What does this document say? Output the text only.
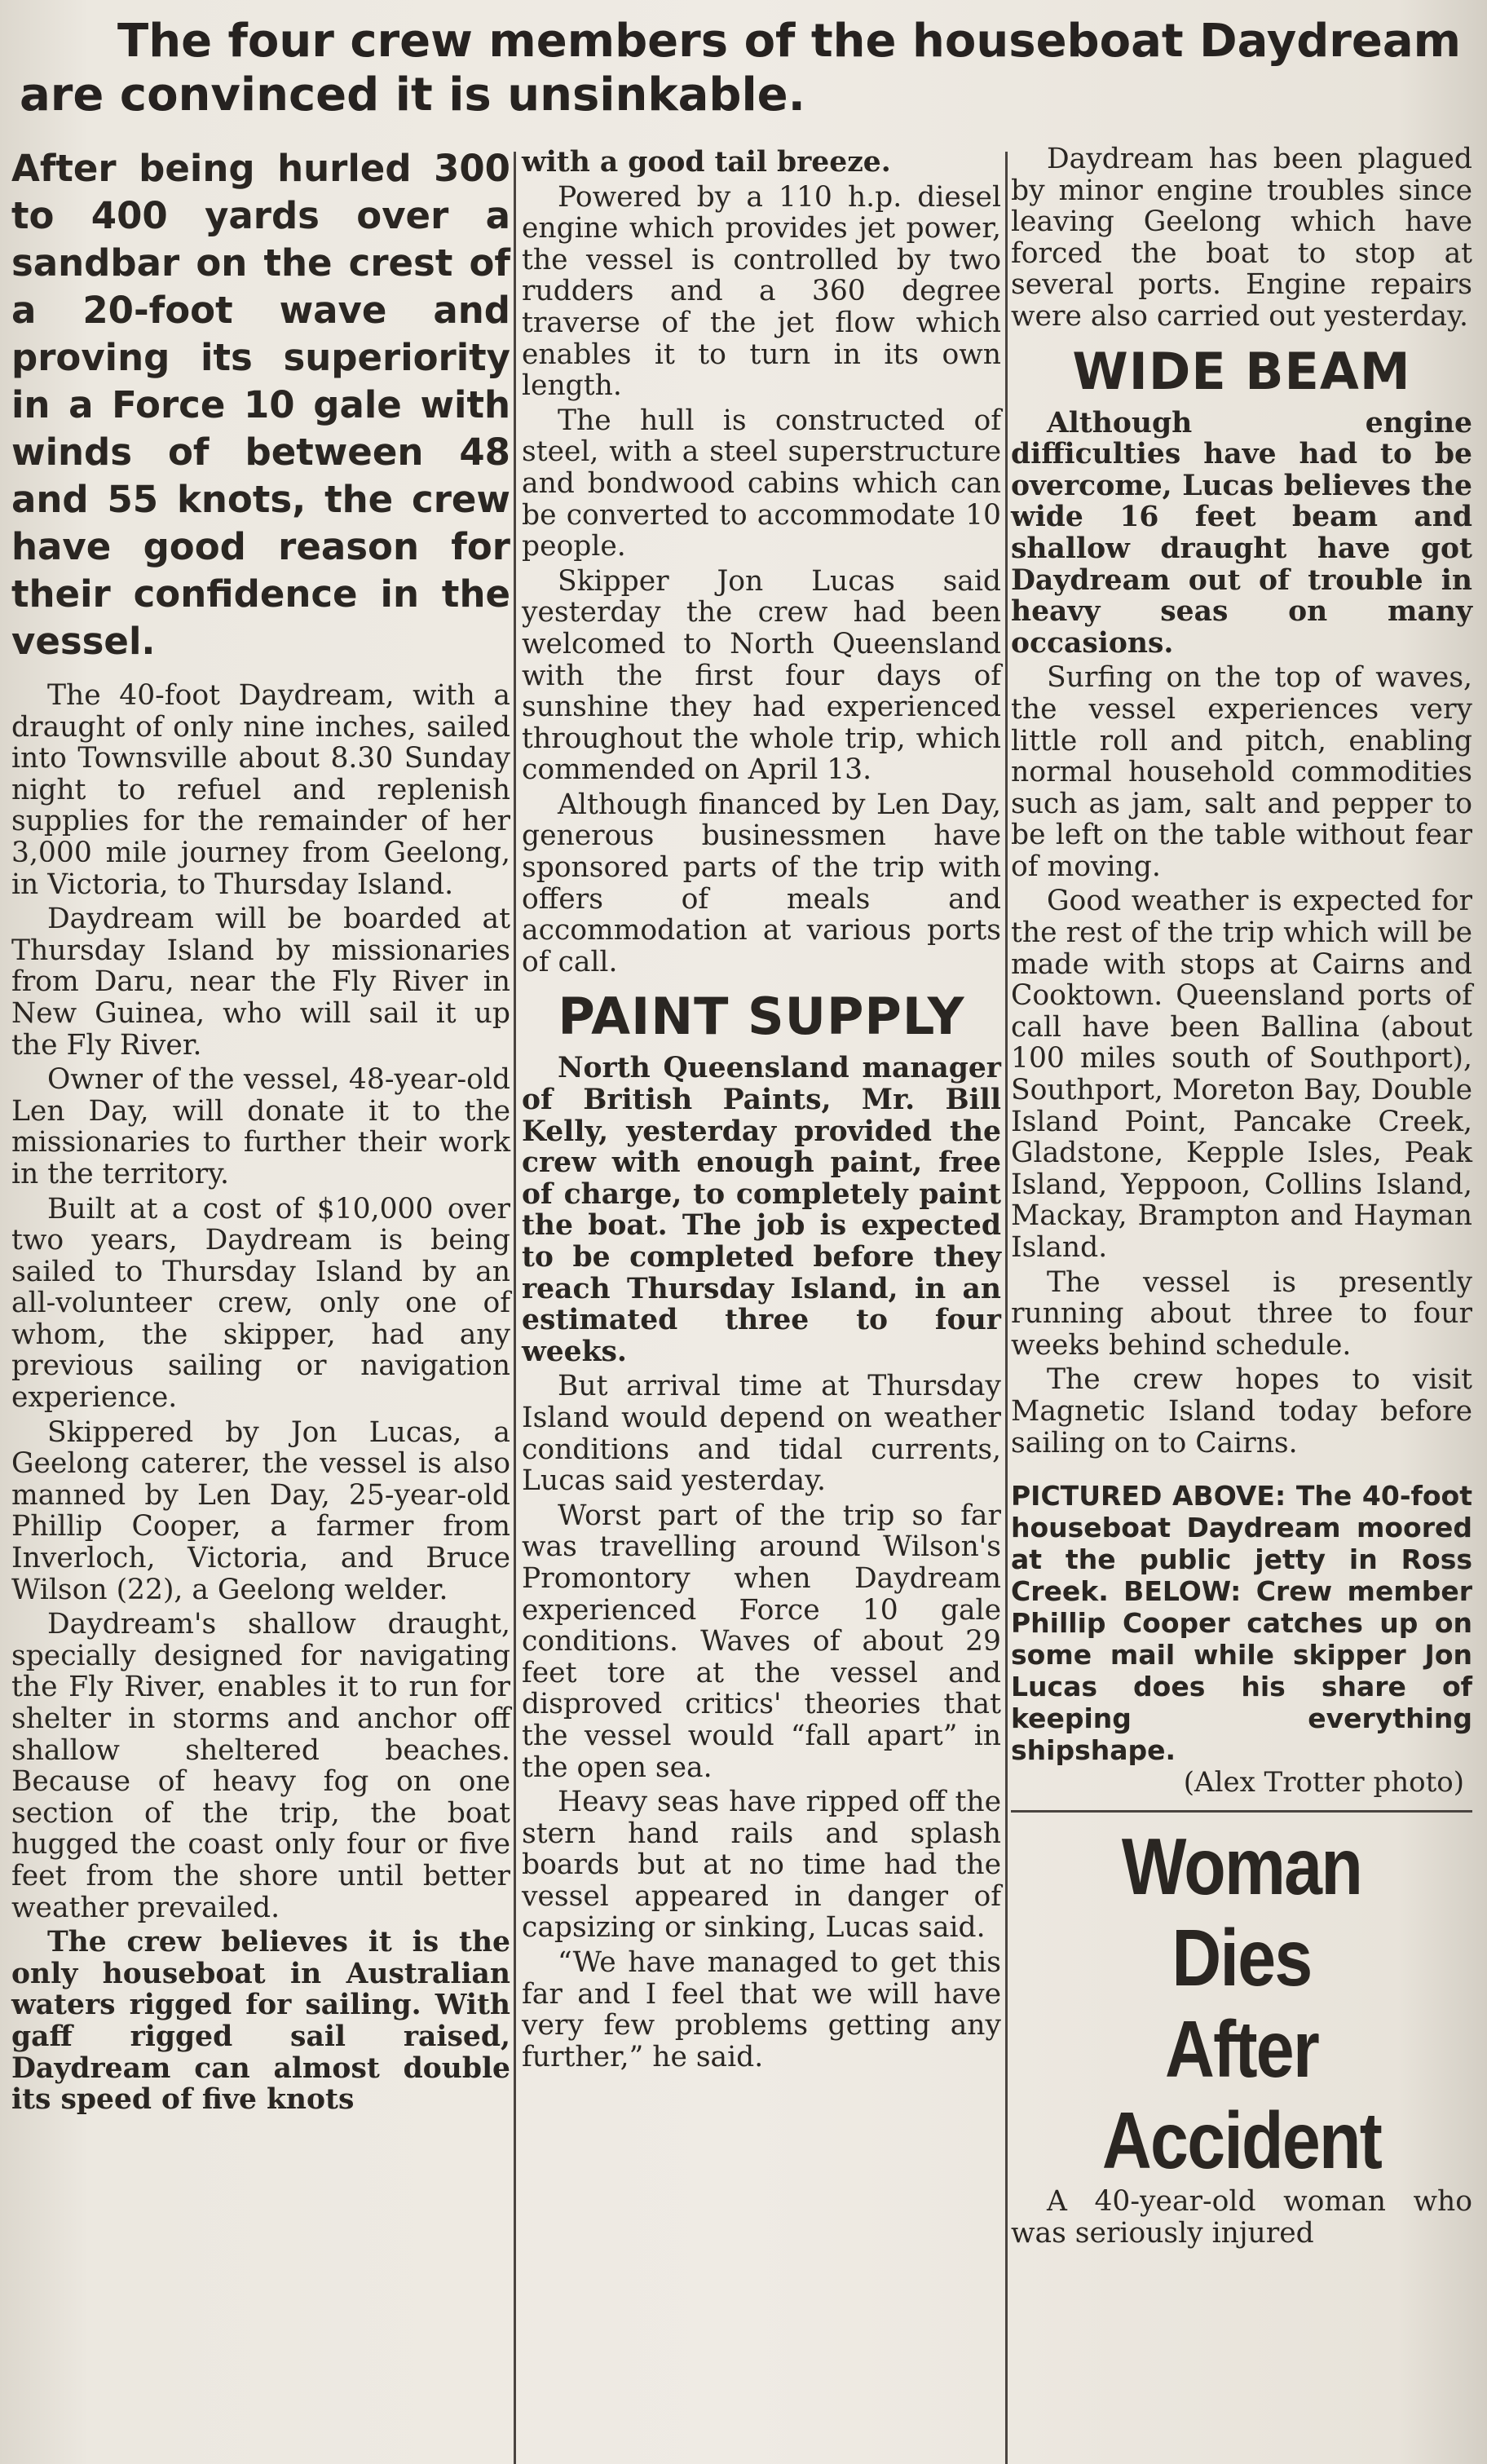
The four crew members of the houseboat Daydream are convinced it is unsinkable.

After being hurled 300 to 400 yards over a sandbar on the crest of a 20-foot wave and proving its superiority in a Force 10 gale with winds of between 48 and 55 knots, the crew have good reason for their confidence in the vessel.

The 40-foot Daydream, with a draught of only nine inches, sailed into Townsville about 8.30 Sunday night to refuel and replenish supplies for the remainder of her 3,000 mile journey from Geelong, in Victoria, to Thursday Island.

Daydream will be boarded at Thursday Island by missionaries from Daru, near the Fly River in New Guinea, who will sail it up the Fly River.

Owner of the vessel, 48-year-old Len Day, will donate it to the missionaries to further their work in the territory.

Built at a cost of $10,000 over two years, Daydream is being sailed to Thursday Island by an all-volunteer crew, only one of whom, the skipper, had any previous sailing or navigation experience.

Skippered by Jon Lucas, a Geelong caterer, the vessel is also manned by Len Day, 25-year-old Phillip Cooper, a farmer from Inverloch, Victoria, and Bruce Wilson (22), a Geelong welder.

Daydream's shallow draught, specially designed for navigating the Fly River, enables it to run for shelter in storms and anchor off shallow sheltered beaches. Because of heavy fog on one section of the trip, the boat hugged the coast only four or five feet from the shore until better weather prevailed.

The crew believes it is the only houseboat in Australian waters rigged for sailing. With gaff rigged sail raised, Daydream can almost double its speed of five knots

with a good tail breeze.

Powered by a 110 h.p. diesel engine which provides jet power, the vessel is controlled by two rudders and a 360 degree traverse of the jet flow which enables it to turn in its own length.

The hull is constructed of steel, with a steel superstructure and bondwood cabins which can be converted to accommodate 10 people.

Skipper Jon Lucas said yesterday the crew had been welcomed to North Queensland with the first four days of sunshine they had experienced throughout the whole trip, which commended on April 13.

Although financed by Len Day, generous businessmen have sponsored parts of the trip with offers of meals and accommodation at various ports of call.

PAINT SUPPLY

North Queensland manager of British Paints, Mr. Bill Kelly, yesterday provided the crew with enough paint, free of charge, to completely paint the boat. The job is expected to be completed before they reach Thursday Island, in an estimated three to four weeks.

But arrival time at Thursday Island would depend on weather conditions and tidal currents, Lucas said yesterday.

Worst part of the trip so far was travelling around Wilson's Promontory when Daydream experienced Force 10 gale conditions. Waves of about 29 feet tore at the vessel and disproved critics' theories that the vessel would “fall apart” in the open sea.

Heavy seas have ripped off the stern hand rails and splash boards but at no time had the vessel appeared in danger of capsizing or sinking, Lucas said.

“We have managed to get this far and I feel that we will have very few problems getting any further,” he said.

Daydream has been plagued by minor engine troubles since leaving Geelong which have forced the boat to stop at several ports. Engine repairs were also carried out yesterday.

WIDE BEAM

Although engine difficulties have had to be overcome, Lucas believes the wide 16 feet beam and shallow draught have got Daydream out of trouble in heavy seas on many occasions.

Surfing on the top of waves, the vessel experiences very little roll and pitch, enabling normal household commodities such as jam, salt and pepper to be left on the table without fear of moving.

Good weather is expected for the rest of the trip which will be made with stops at Cairns and Cooktown. Queensland ports of call have been Ballina (about 100 miles south of Southport), Southport, Moreton Bay, Double Island Point, Pancake Creek, Gladstone, Kepple Isles, Peak Island, Yeppoon, Collins Island, Mackay, Brampton and Hayman Island.

The vessel is presently running about three to four weeks behind schedule.

The crew hopes to visit Magnetic Island today before sailing on to Cairns.

PICTURED ABOVE: The 40-foot houseboat Daydream moored at the public jetty in Ross Creek. BELOW: Crew member Phillip Cooper catches up on some mail while skipper Jon Lucas does his share of keeping everything shipshape.

(Alex Trotter photo)

Woman Dies

After Accident

A 40-year-old woman who was seriously injured
